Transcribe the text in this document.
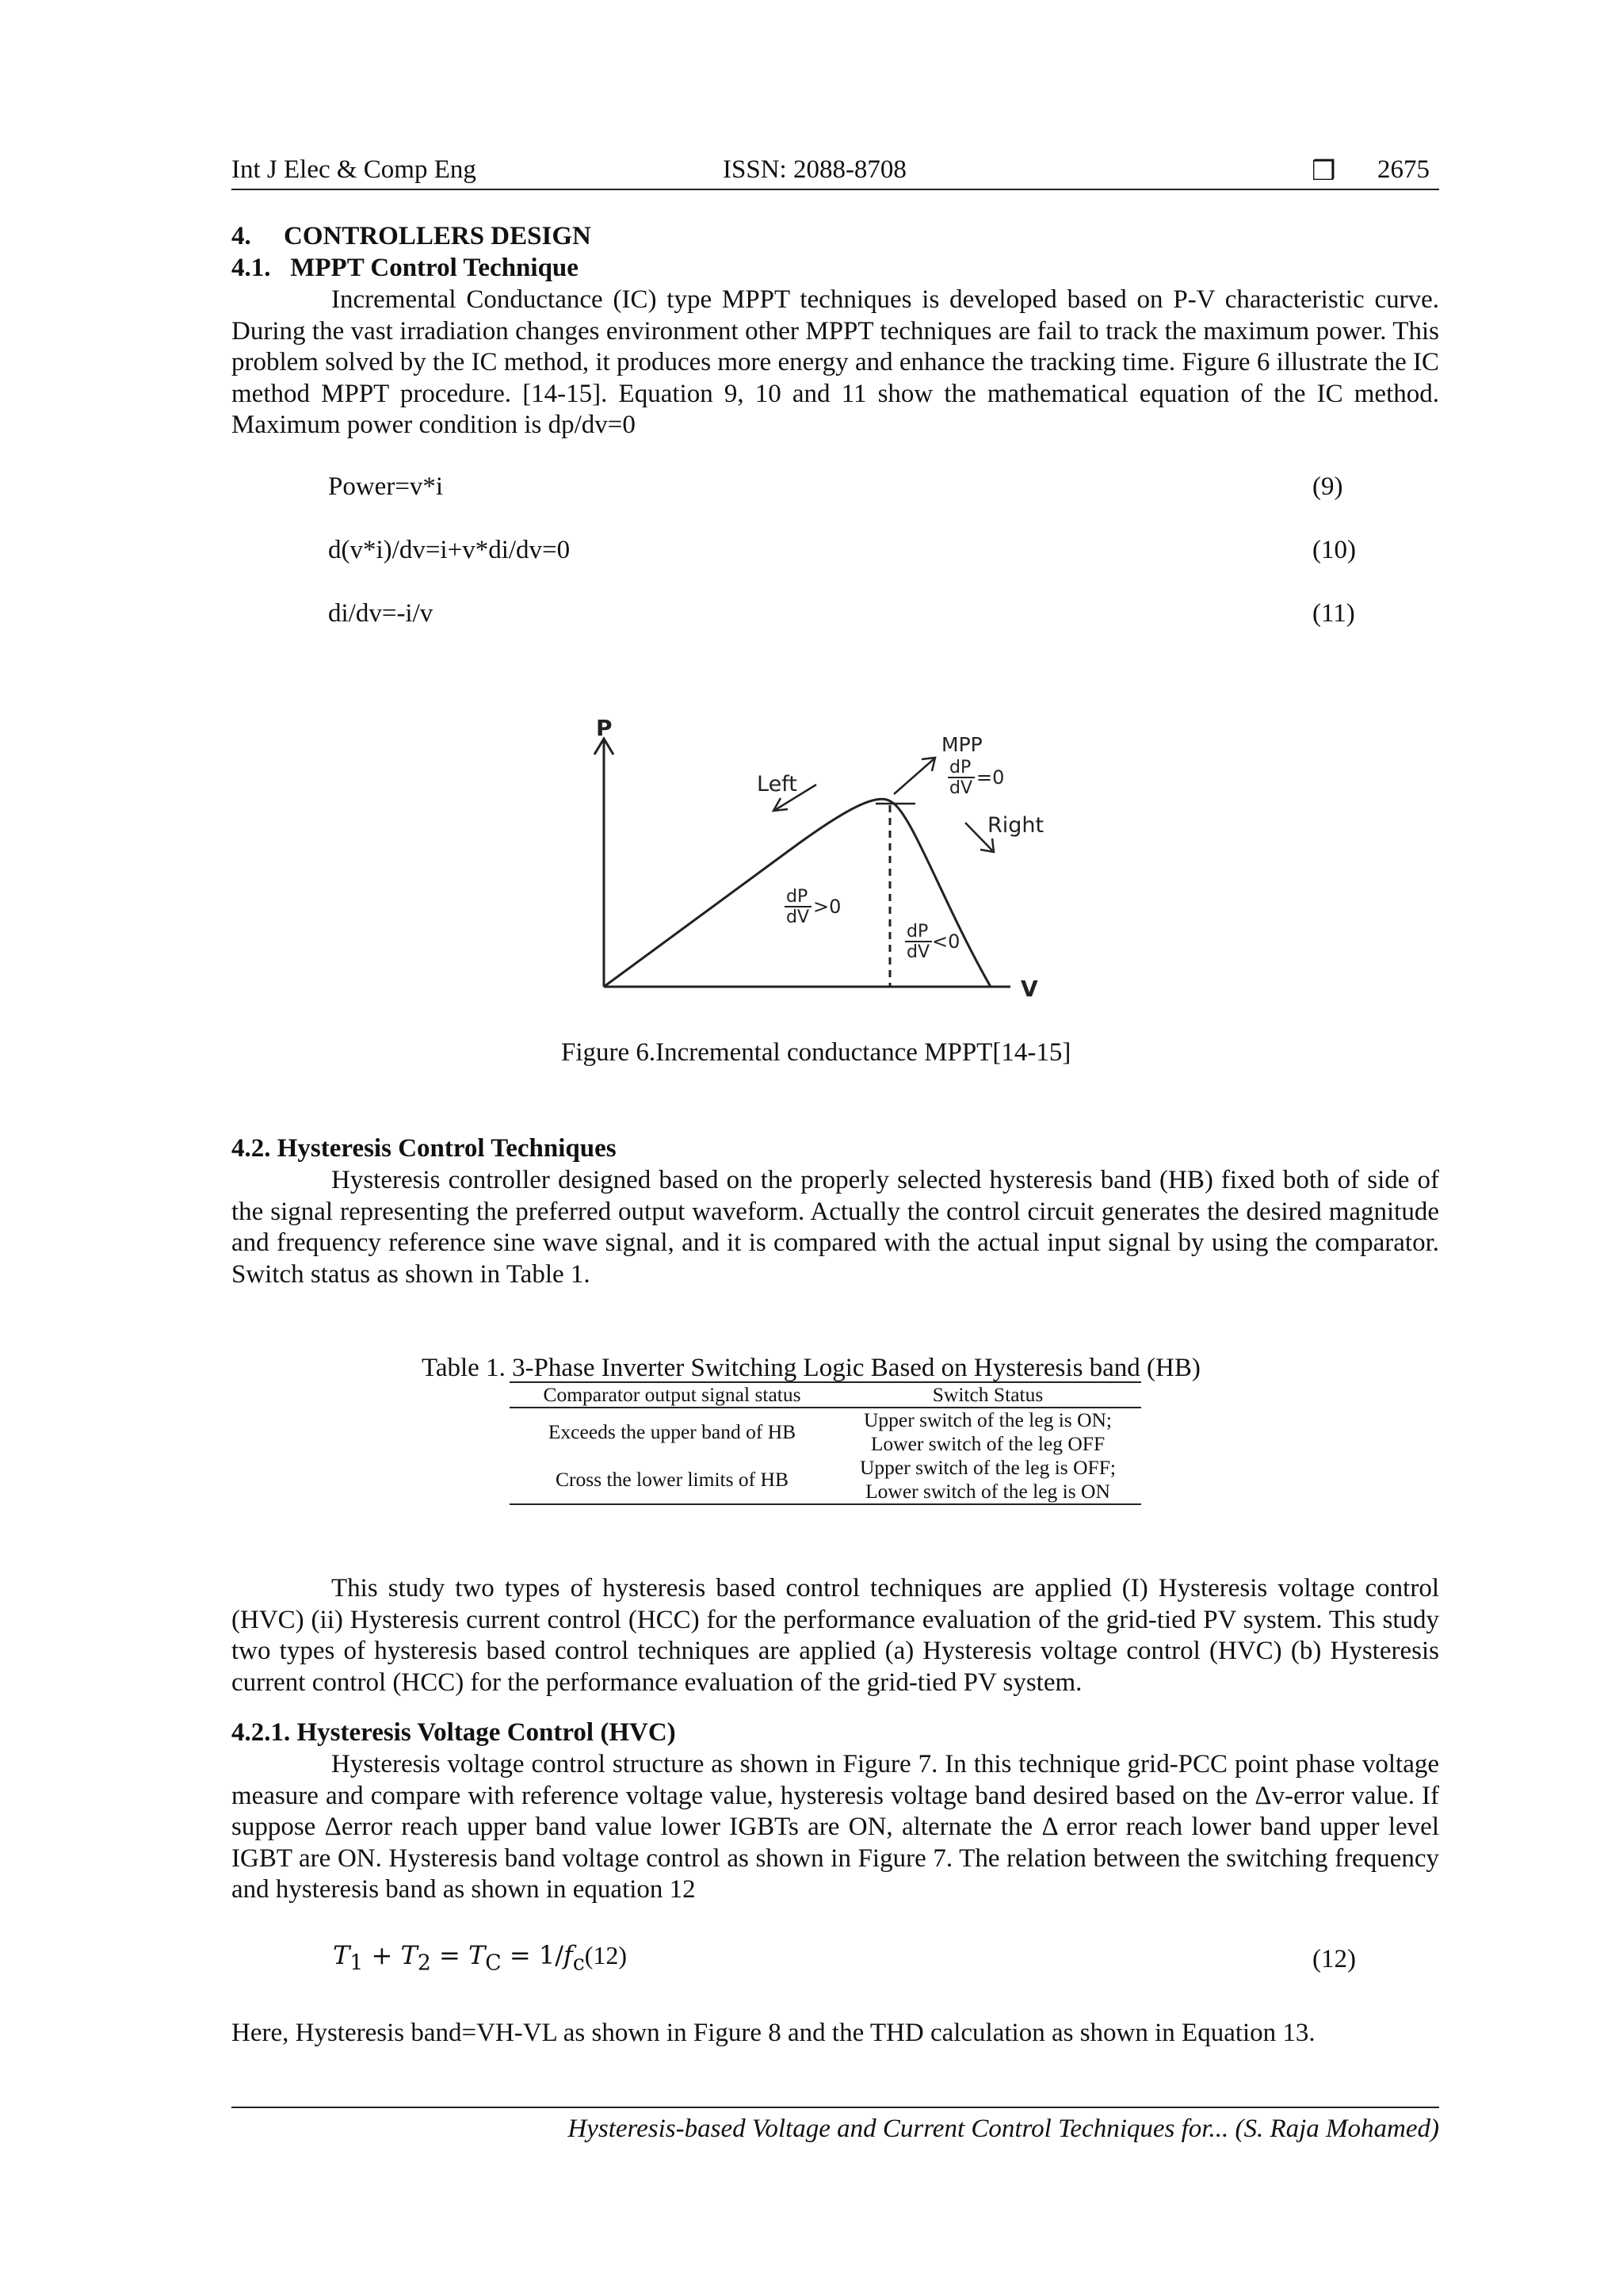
Int J Elec & Comp Eng	ISSN: 2088-8708	❒ 2675
4.     CONTROLLERS DESIGN
4.1.   MPPT Control Technique
Incremental Conductance (IC) type MPPT techniques is developed based on P-V characteristic curve. During the vast irradiation changes environment other MPPT techniques are fail to track the maximum power. This problem solved by the IC method, it produces more energy and enhance the tracking time. Figure 6 illustrate the IC method MPPT procedure. [14-15]. Equation 9, 10 and 11 show the mathematical equation of the IC method. Maximum power condition is dp/dv=0
Power=v*i	(9)
d(v*i)/dv=i+v*di/dv=0	(10)
di/dv=-i/v	(11)
P
V
Left
MPP
dP
dV =0
Right
dP
dV >0
dP
dV <0
Figure 6.Incremental conductance MPPT[14-15]
4.2. Hysteresis Control Techniques
Hysteresis controller designed based on the properly selected hysteresis band (HB) fixed both of side of the signal representing the preferred output waveform. Actually the control circuit generates the desired magnitude and frequency reference sine wave signal, and it is compared with the actual input signal by using the comparator. Switch status as shown in Table 1.
Table 1. 3-Phase Inverter Switching Logic Based on Hysteresis band (HB)
Comparator output signal status	Switch Status
Exceeds the upper band of HB	Upper switch of the leg is ON;
Lower switch of the leg OFF

Cross the lower limits of HB	Upper switch of the leg is OFF;
Lower switch of the leg is ON
This study two types of hysteresis based control techniques are applied (I) Hysteresis voltage control (HVC) (ii) Hysteresis current control (HCC) for the performance evaluation of the grid-tied PV system. This study two types of hysteresis based control techniques are applied (a) Hysteresis voltage control (HVC) (b) Hysteresis current control (HCC) for the performance evaluation of the grid-tied PV system.
4.2.1. Hysteresis Voltage Control (HVC)
Hysteresis voltage control structure as shown in Figure 7. In this technique grid-PCC point phase voltage measure and compare with reference voltage value, hysteresis voltage band desired based on the Δv-error value. If suppose Δerror reach upper band value lower IGBTs are ON, alternate the Δ error reach lower band upper level IGBT are ON. Hysteresis band voltage control as shown in Figure 7. The relation between the switching frequency and hysteresis band as shown in equation 12
$T_1 + T_2 = T_C = 1/f_c(12)$	(12)
Here, Hysteresis band=VH-VL as shown in Figure 8 and the THD calculation as shown in Equation 13.
Hysteresis-based Voltage and Current Control Techniques for... (S. Raja Mohamed)
